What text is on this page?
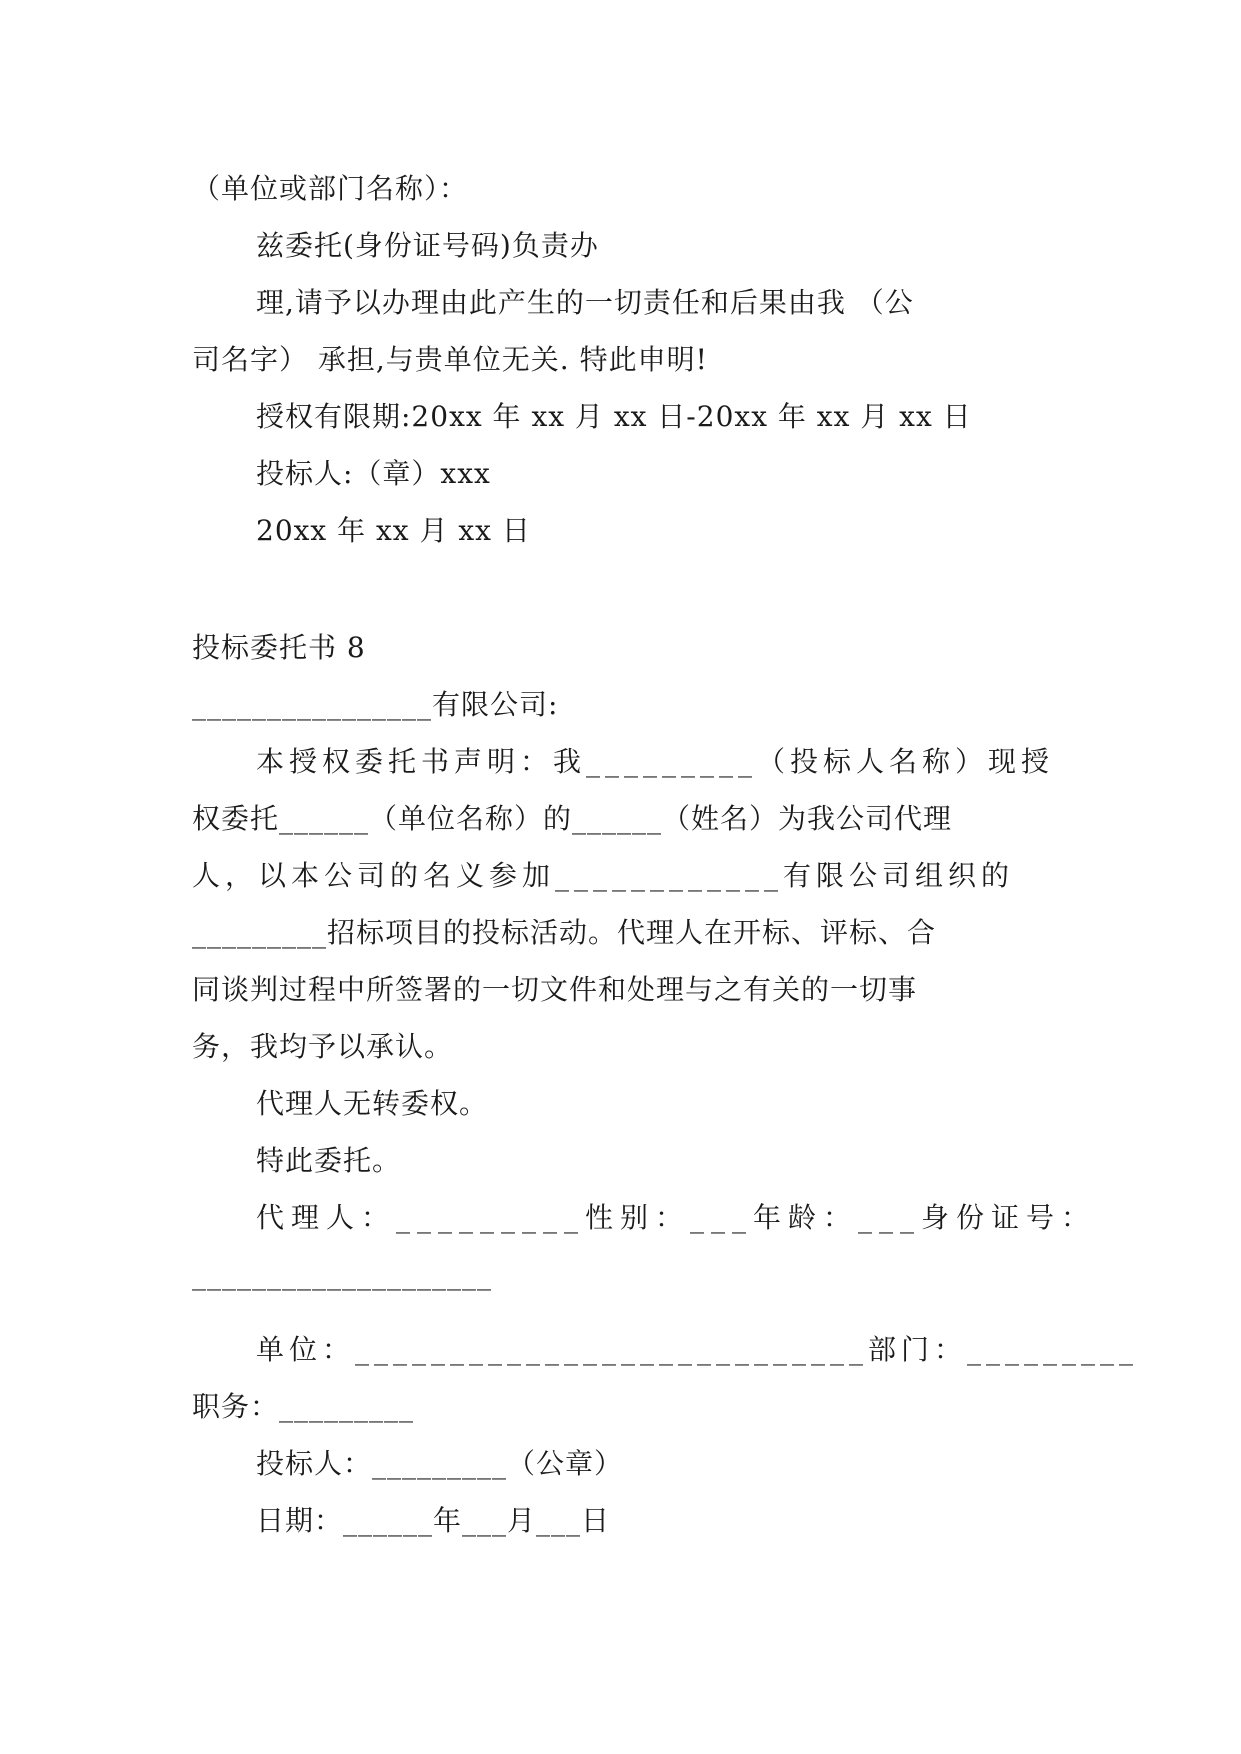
（单位或部门名称）：
兹委托(身份证号码)负责办
理,请予以办理由此产生的一切责任和后果由我 （公
司名字） 承担,与贵单位无关. 特此申明!
授权有限期:20xx 年 xx 月 xx 日-20xx 年 xx 月 xx 日
投标人:（章）xxx
20xx 年 xx 月 xx 日
投标委托书 8
________________有限公司:
本授权委托书声明：我_________（投标人名称）现授
权委托______（单位名称）的______（姓名）为我公司代理
人，以本公司的名义参加____________有限公司组织的
_________招标项目的投标活动。代理人在开标、评标、合
同谈判过程中所签署的一切文件和处理与之有关的一切事
务，我均予以承认。
代理人无转委权。
特此委托。
代理人：_________性别：___年龄：___身份证号：
____________________
单位：___________________________部门：_________
职务：_________
投标人：_________（公章）
日期：______年___月___日
